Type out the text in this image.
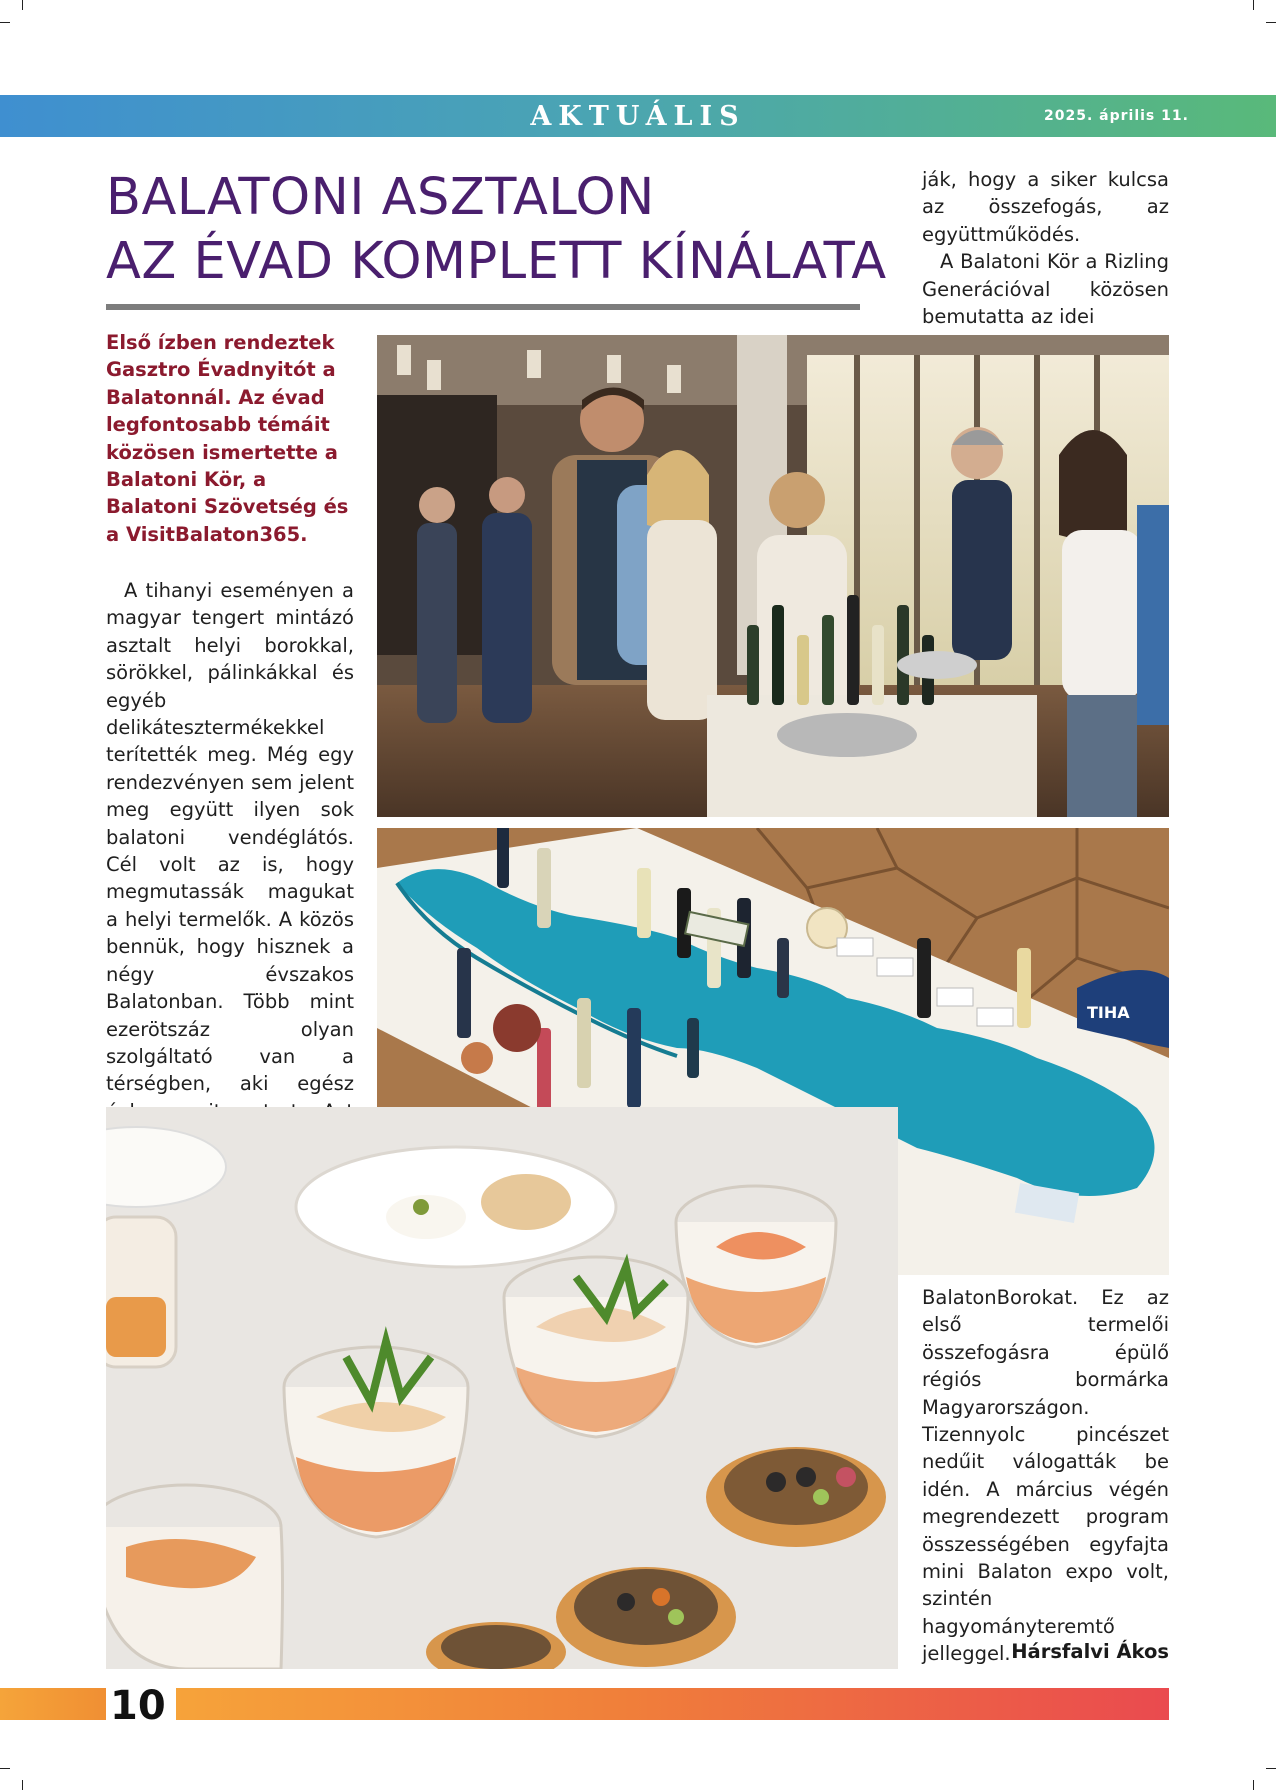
AKTUÁLIS	2025. április 11.
BALATONI ASZTALON
AZ ÉVAD KOMPLETT KÍNÁLATA
Első ízben rendeztek Gasztro Évadnyitót a Balatonnál. Az évad legfontosabb témáit közösen ismertette a Balatoni Kör, a Balatoni Szövetség és a VisitBalaton365.

A tihanyi eseményen a magyar tengert mintázó asztalt helyi borokkal, sörökkel, pálinkákkal és egyéb delikátesztermékekkel terítették meg. Még egy rendezvényen sem jelent meg együtt ilyen sok balatoni vendéglátós. Cél volt az is, hogy megmutassák magukat a helyi termelők. A közös bennük, hogy hisznek a négy évszakos Balatonban. Több mint ezerötszáz olyan szolgáltató van a térségben, aki egész

ják, hogy a siker kulcsa az összefogás, az együttműködés.

A Balatoni Kör a Rizling Generációval közösen bemutatta az idei

TIHA

BalatonBorokat. Ez az első termelői összefogásra épülő régiós bormárka Magyarországon. Tizennyolc pincészet nedűit válogatták be idén. A március végén megrendezett program összességében egyfajta mini Balaton expo volt, szintén hagyományteremtő jelleggel. Hársfalvi Ákos
10
